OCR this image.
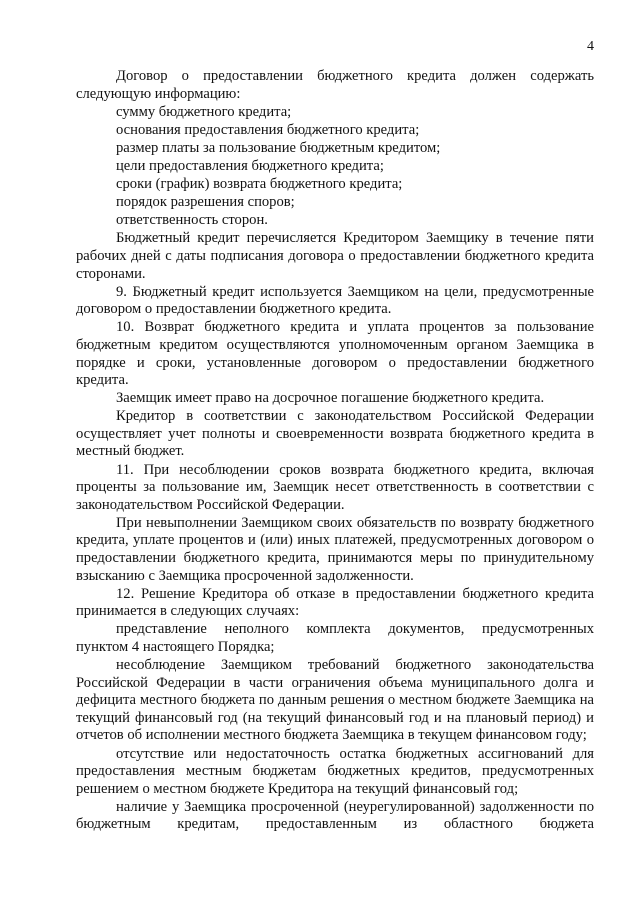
4

Договор о предоставлении бюджетного кредита должен содержать следующую информацию:

сумму бюджетного кредита;

основания предоставления бюджетного кредита;

размер платы за пользование бюджетным кредитом;

цели предоставления бюджетного кредита;

сроки (график) возврата бюджетного кредита;

порядок разрешения споров;

ответственность сторон.

Бюджетный кредит перечисляется Кредитором Заемщику в течение пяти рабочих дней с даты подписания договора о предоставлении бюджетного кредита сторонами.

9. Бюджетный кредит используется Заемщиком на цели, предусмотренные договором о предоставлении бюджетного кредита.

10. Возврат бюджетного кредита и уплата процентов за пользование бюджетным кредитом осуществляются уполномоченным органом Заемщика в порядке и сроки, установленные договором о предоставлении бюджетного кредита.

Заемщик имеет право на досрочное погашение бюджетного кредита.

Кредитор в соответствии с законодательством Российской Федерации осуществляет учет полноты и своевременности возврата бюджетного кредита в местный бюджет.

11. При несоблюдении сроков возврата бюджетного кредита, включая проценты за пользование им, Заемщик несет ответственность в соответствии с законодательством Российской Федерации.

При невыполнении Заемщиком своих обязательств по возврату бюджетного кредита, уплате процентов и (или) иных платежей, предусмотренных договором о предоставлении бюджетного кредита, принимаются меры по принудительному взысканию с Заемщика просроченной задолженности.

12. Решение Кредитора об отказе в предоставлении бюджетного кредита принимается в следующих случаях:

представление неполного комплекта документов, предусмотренных пунктом 4 настоящего Порядка;

несоблюдение Заемщиком требований бюджетного законодательства Российской Федерации в части ограничения объема муниципального долга и дефицита местного бюджета по данным решения о местном бюджете Заемщика на текущий финансовый год (на текущий финансовый год и на плановый период) и отчетов об исполнении местного бюджета Заемщика в текущем финансовом году;

отсутствие или недостаточность остатка бюджетных ассигнований для предоставления местным бюджетам бюджетных кредитов, предусмотренных решением о местном бюджете Кредитора на текущий финансовый год;

наличие у Заемщика просроченной (неурегулированной) задолженности по бюджетным кредитам, предоставленным из областного бюджета
